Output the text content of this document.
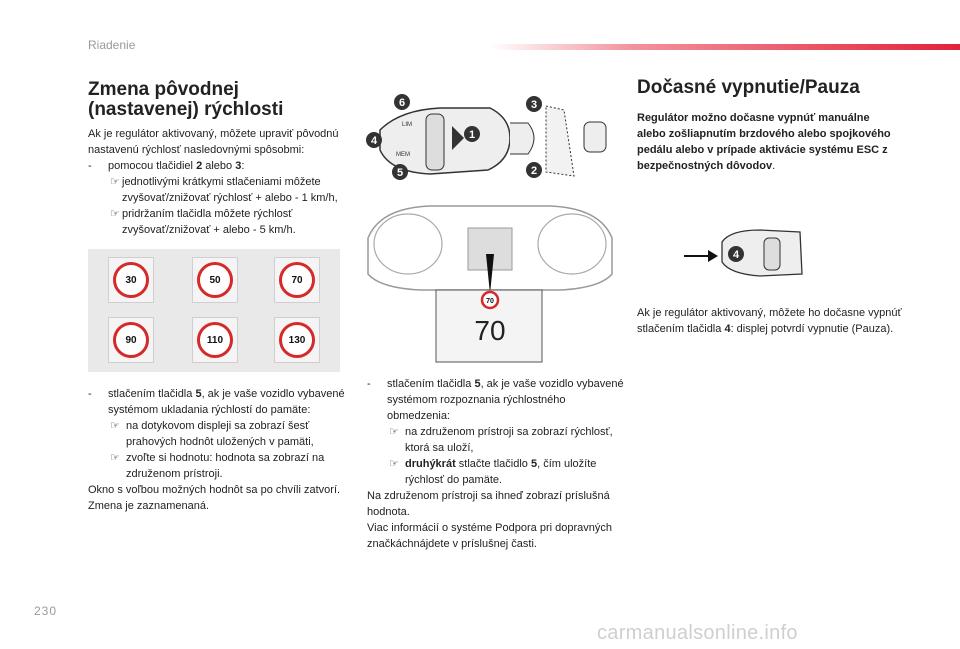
Riadenie
Zmena pôvodnej
(nastavenej) rýchlosti
Ak je regulátor aktivovaný, môžete upraviť pôvodnú nastavenú rýchlosť nasledovnými spôsobmi:
- pomocou tlačidiel 2 alebo 3:
☞ jednotlivými krátkymi stlačeniami môžete zvyšovať/znižovať rýchlosť + alebo - 1 km/h,
☞ pridržaním tlačidla môžete rýchlosť zvyšovať/znižovať + alebo - 5 km/h.
30	50	70
90	110	130
- stlačením tlačidla 5, ak je vaše vozidlo vybavené systémom ukladania rýchlostí do pamäte:
☞ na dotykovom displeji sa zobrazí šesť prahových hodnôt uložených v pamäti,
☞ zvoľte si hodnotu: hodnota sa zobrazí na združenom prístroji.
Okno s voľbou možných hodnôt sa po chvíli zatvorí.
Zmena je zaznamenaná.
LIM
MEM
6
4
5
1
3
2
70
70
- stlačením tlačidla 5, ak je vaše vozidlo vybavené systémom rozpoznania rýchlostného obmedzenia:
☞ na združenom prístroji sa zobrazí rýchlosť, ktorá sa uloží,
☞ druhýkrát stlačte tlačidlo 5, čím uložíte rýchlosť do pamäte.
Na združenom prístroji sa ihneď zobrazí príslušná hodnota.
Viac informácií o systéme Podpora pri dopravných značkáchnájdete v príslušnej časti.
Dočasné vypnutie/Pauza
Regulátor možno dočasne vypnúť manuálne alebo zošliapnutím brzdového alebo spojkového pedálu alebo v prípade aktivácie systému ESC z bezpečnostných dôvodov.
4
Ak je regulátor aktivovaný, môžete ho dočasne vypnúť stlačením tlačidla 4: displej potvrdí vypnutie (Pauza).
230
carmanualsonline.info
